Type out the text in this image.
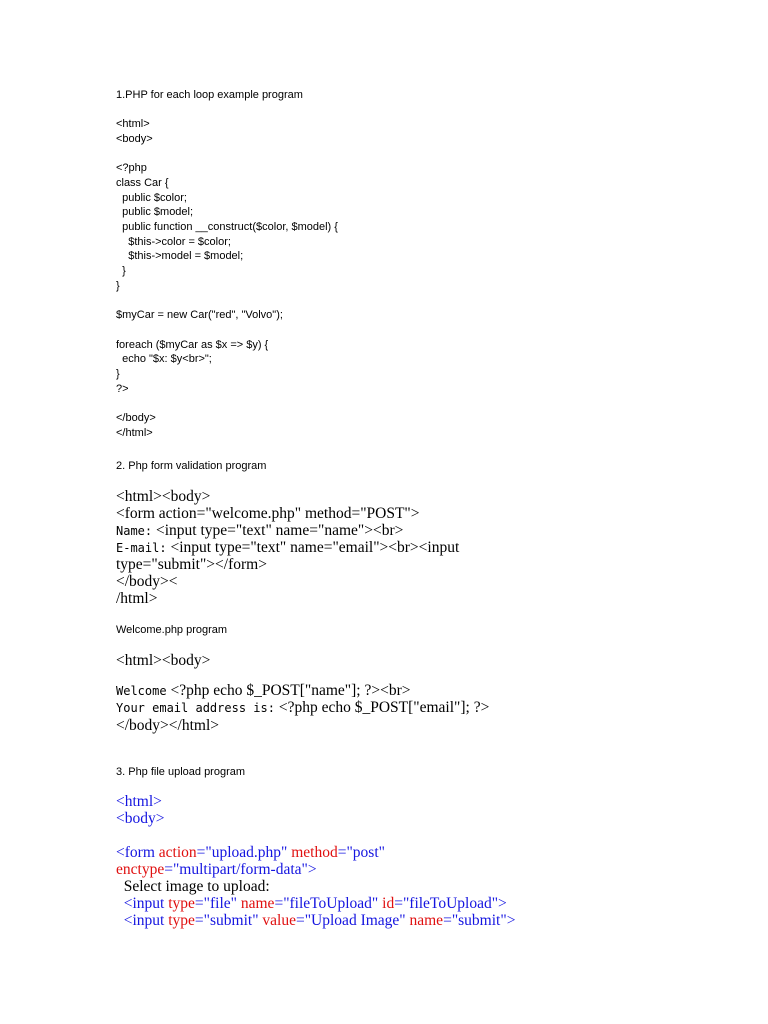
1.PHP for each loop example program
<html>
<body>
<?php
class Car {
public $color;
public $model;
public function __construct($color, $model) {
$this->color = $color;
$this->model = $model;
}
}
$myCar = new Car("red", "Volvo");
foreach ($myCar as $x => $y) {
echo "$x: $y<br>";
}
?>
</body>
</html>
2. Php form validation program
<html><body>
<form action="welcome.php" method="POST">
Name: <input type="text" name="name"><br>
E-mail: <input type="text" name="email"><br><input
type="submit"></form>
</body><
/html>
Welcome.php program
<html><body>
Welcome <?php echo $_POST["name"]; ?><br>
Your email address is: <?php echo $_POST["email"]; ?>
</body></html>
3. Php file upload program
<html>
<body>
<form action="upload.php" method="post"
enctype="multipart/form-data">
Select image to upload:
<input type="file" name="fileToUpload" id="fileToUpload">
<input type="submit" value="Upload Image" name="submit">
